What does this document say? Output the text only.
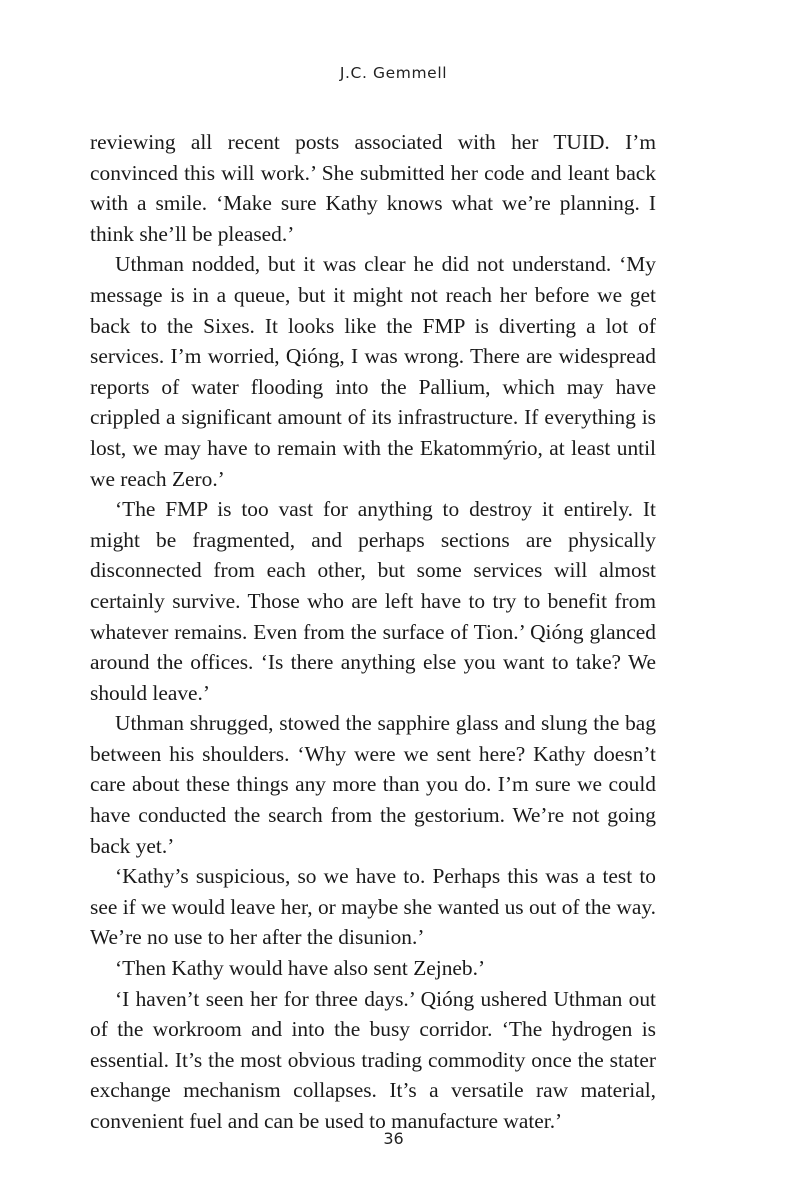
J.C. Gemmell

reviewing all recent posts associated with her TUID. I’m convinced this will work.’ She submitted her code and leant back with a smile. ‘Make sure Kathy knows what we’re planning. I think she’ll be pleased.’

Uthman nodded, but it was clear he did not understand. ‘My message is in a queue, but it might not reach her before we get back to the Sixes. It looks like the FMP is diverting a lot of services. I’m worried, Qióng, I was wrong. There are widespread reports of water flooding into the Pallium, which may have crippled a significant amount of its infrastructure. If everything is lost, we may have to remain with the Ekatommýrio, at least until we reach Zero.’

‘The FMP is too vast for anything to destroy it entirely. It might be fragmented, and perhaps sections are physically disconnected from each other, but some services will almost certainly survive. Those who are left have to try to benefit from whatever remains. Even from the surface of Tion.’ Qióng glanced around the offices. ‘Is there anything else you want to take? We should leave.’

Uthman shrugged, stowed the sapphire glass and slung the bag between his shoulders. ‘Why were we sent here? Kathy doesn’t care about these things any more than you do. I’m sure we could have conducted the search from the gestorium. We’re not going back yet.’

‘Kathy’s suspicious, so we have to. Perhaps this was a test to see if we would leave her, or maybe she wanted us out of the way. We’re no use to her after the disunion.’

‘Then Kathy would have also sent Zejneb.’

‘I haven’t seen her for three days.’ Qióng ushered Uthman out of the workroom and into the busy corridor. ‘The hydrogen is essential. It’s the most obvious trading commodity once the stater exchange mechanism collapses. It’s a versatile raw material, convenient fuel and can be used to manufacture water.’

36
